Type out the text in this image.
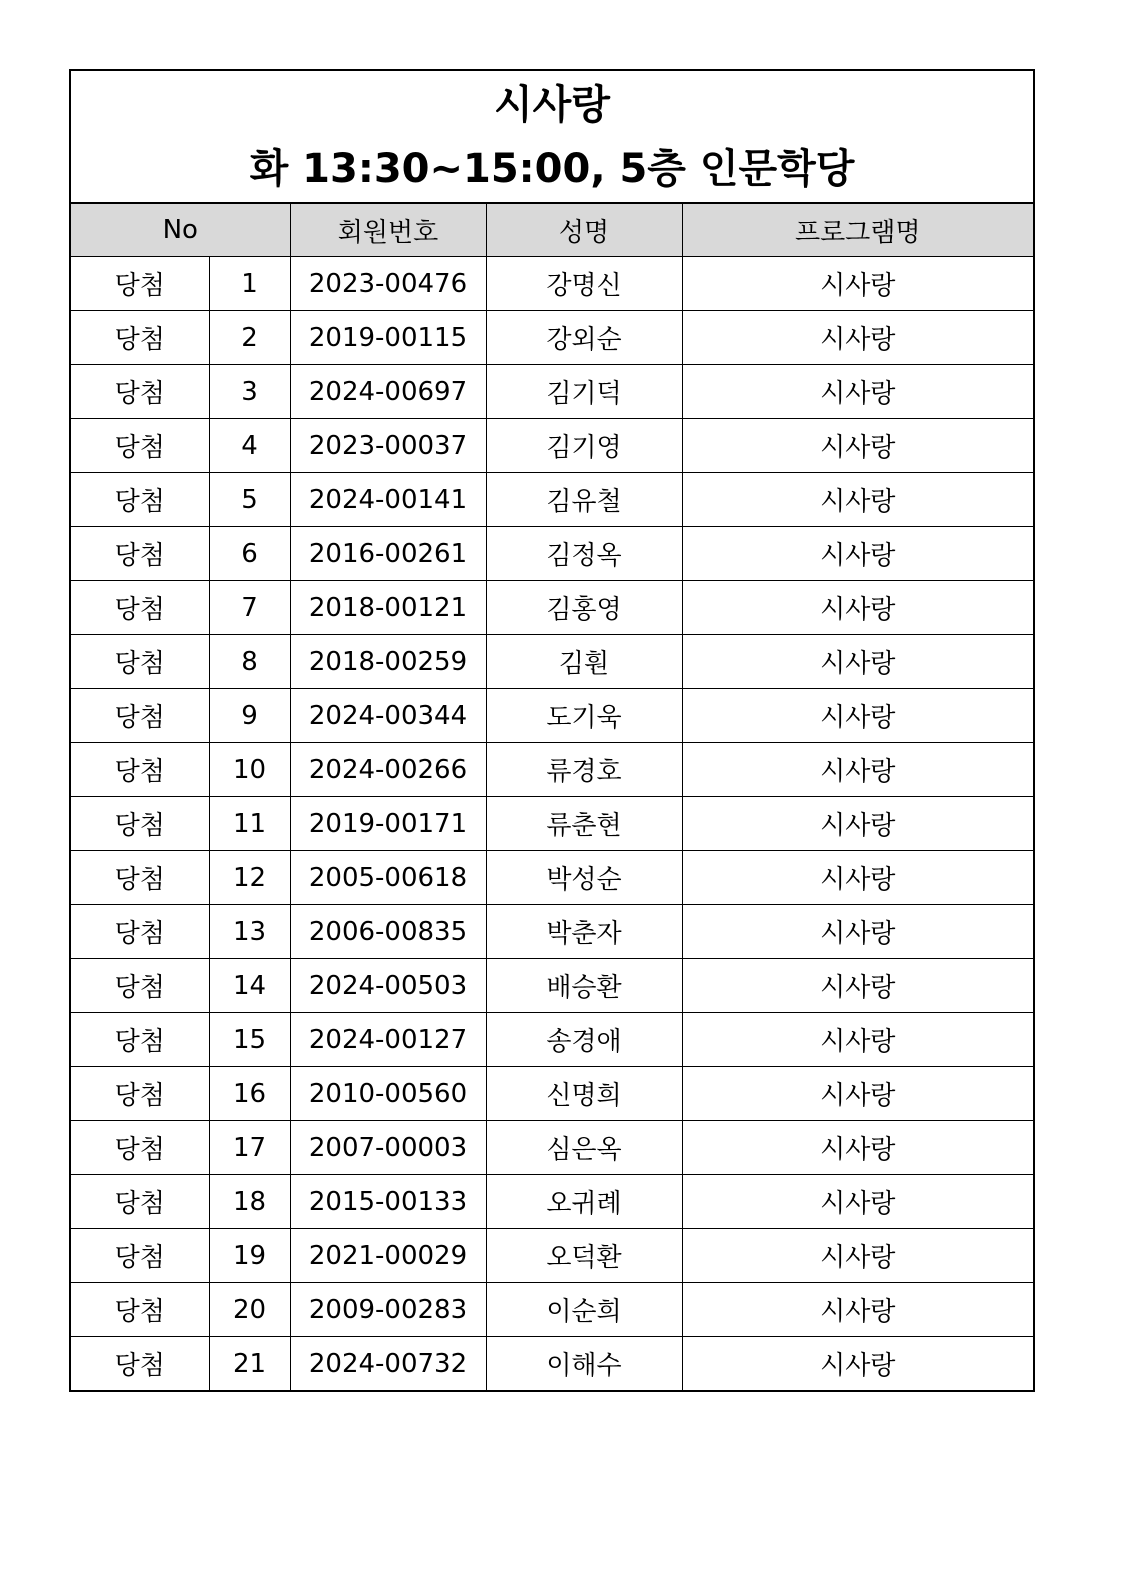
시사랑
화 13:30~15:00, 5층 인문학당				

No		회원번호	성명	프로그램명
당첨	1	2023-00476	강명신	시사랑
당첨	2	2019-00115	강외순	시사랑
당첨	3	2024-00697	김기덕	시사랑
당첨	4	2023-00037	김기영	시사랑
당첨	5	2024-00141	김유철	시사랑
당첨	6	2016-00261	김정옥	시사랑
당첨	7	2018-00121	김홍영	시사랑
당첨	8	2018-00259	김훤	시사랑
당첨	9	2024-00344	도기욱	시사랑
당첨	10	2024-00266	류경호	시사랑
당첨	11	2019-00171	류춘현	시사랑
당첨	12	2005-00618	박성순	시사랑
당첨	13	2006-00835	박춘자	시사랑
당첨	14	2024-00503	배승환	시사랑
당첨	15	2024-00127	송경애	시사랑
당첨	16	2010-00560	신명희	시사랑
당첨	17	2007-00003	심은옥	시사랑
당첨	18	2015-00133	오귀례	시사랑
당첨	19	2021-00029	오덕환	시사랑
당첨	20	2009-00283	이순희	시사랑
당첨	21	2024-00732	이해수	시사랑
